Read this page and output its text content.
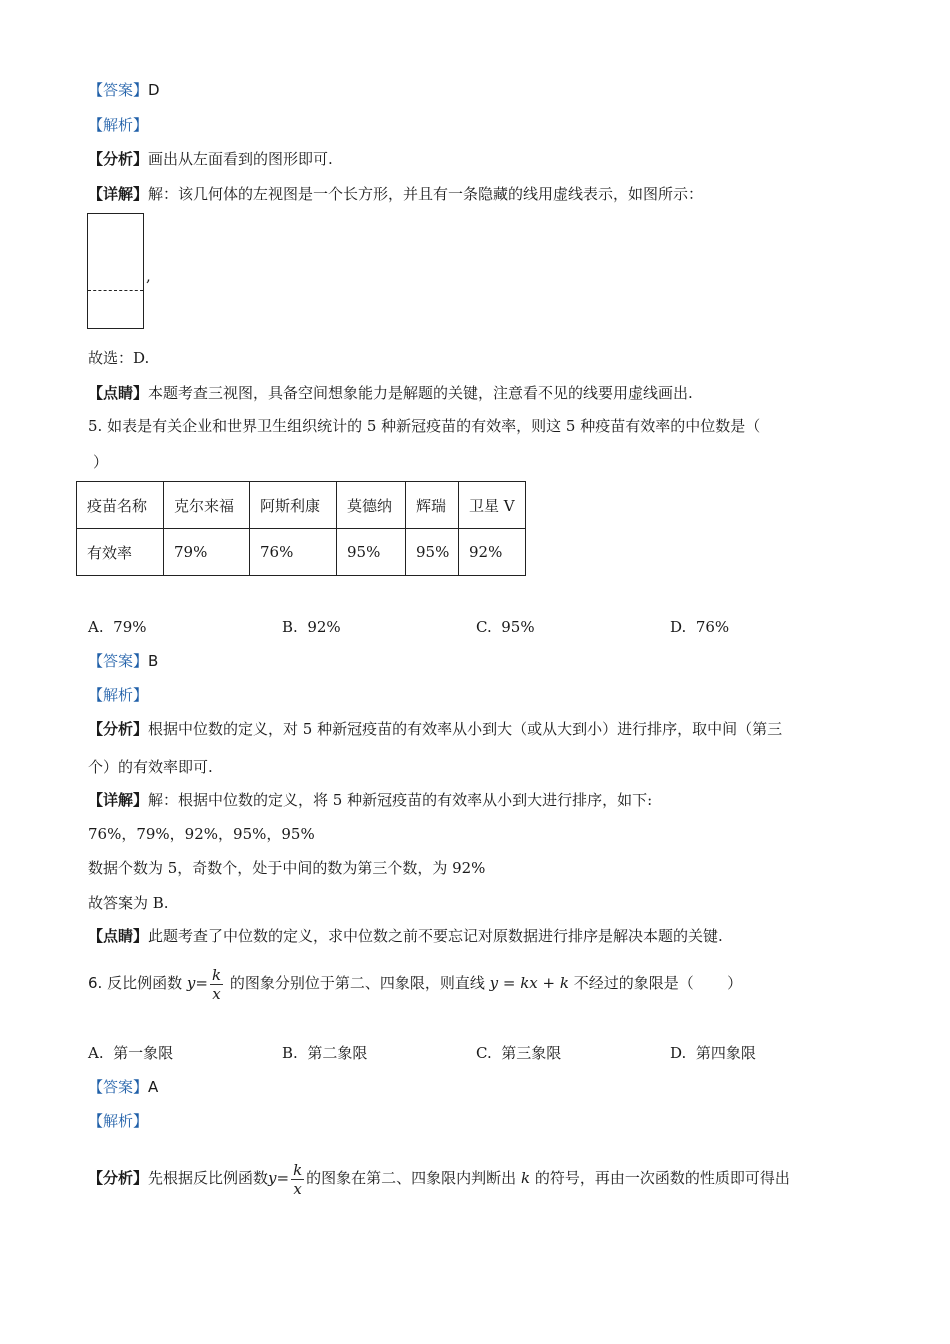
【答案】D
【解析】
【分析】画出从左面看到的图形即可.
【详解】解：该几何体的左视图是一个长方形，并且有一条隐藏的线用虚线表示，如图所示：
,
故选：D.
【点睛】本题考查三视图，具备空间想象能力是解题的关键，注意看不见的线要用虚线画出.
5. 如表是有关企业和世界卫生组织统计的 5 种新冠疫苗的有效率，则这 5 种疫苗有效率的中位数是（
）
疫苗名称	克尔来福	阿斯利康	莫德纳	辉瑞	卫星 V
有效率	79%	76%	95%	95%	92%
A. 79%	B. 92%	C. 95%	D. 76%
【答案】B
【解析】
【分析】根据中位数的定义，对 5 种新冠疫苗的有效率从小到大（或从大到小）进行排序，取中间（第三
个）的有效率即可.
【详解】解：根据中位数的定义，将 5 种新冠疫苗的有效率从小到大进行排序，如下:
76%，79%，92%，95%，95%
数据个数为 5，奇数个，处于中间的数为第三个数，为 92%
故答案为 B.
【点睛】此题考查了中位数的定义，求中位数之前不要忘记对原数据进行排序是解决本题的关键.
6. 反比例函数 $y= \frac{k}{x}$ 的图象分别位于第二、四象限，则直线 y = kx + k 不经过的象限是（ ）
A. 第一象限	B. 第二象限	C. 第三象限	D. 第四象限
【答案】A
【解析】
【分析】先根据反比例函数$y= \frac{k}{x}$ 的图象在第二、四象限内判断出 k 的符号，再由一次函数的性质即可得出
